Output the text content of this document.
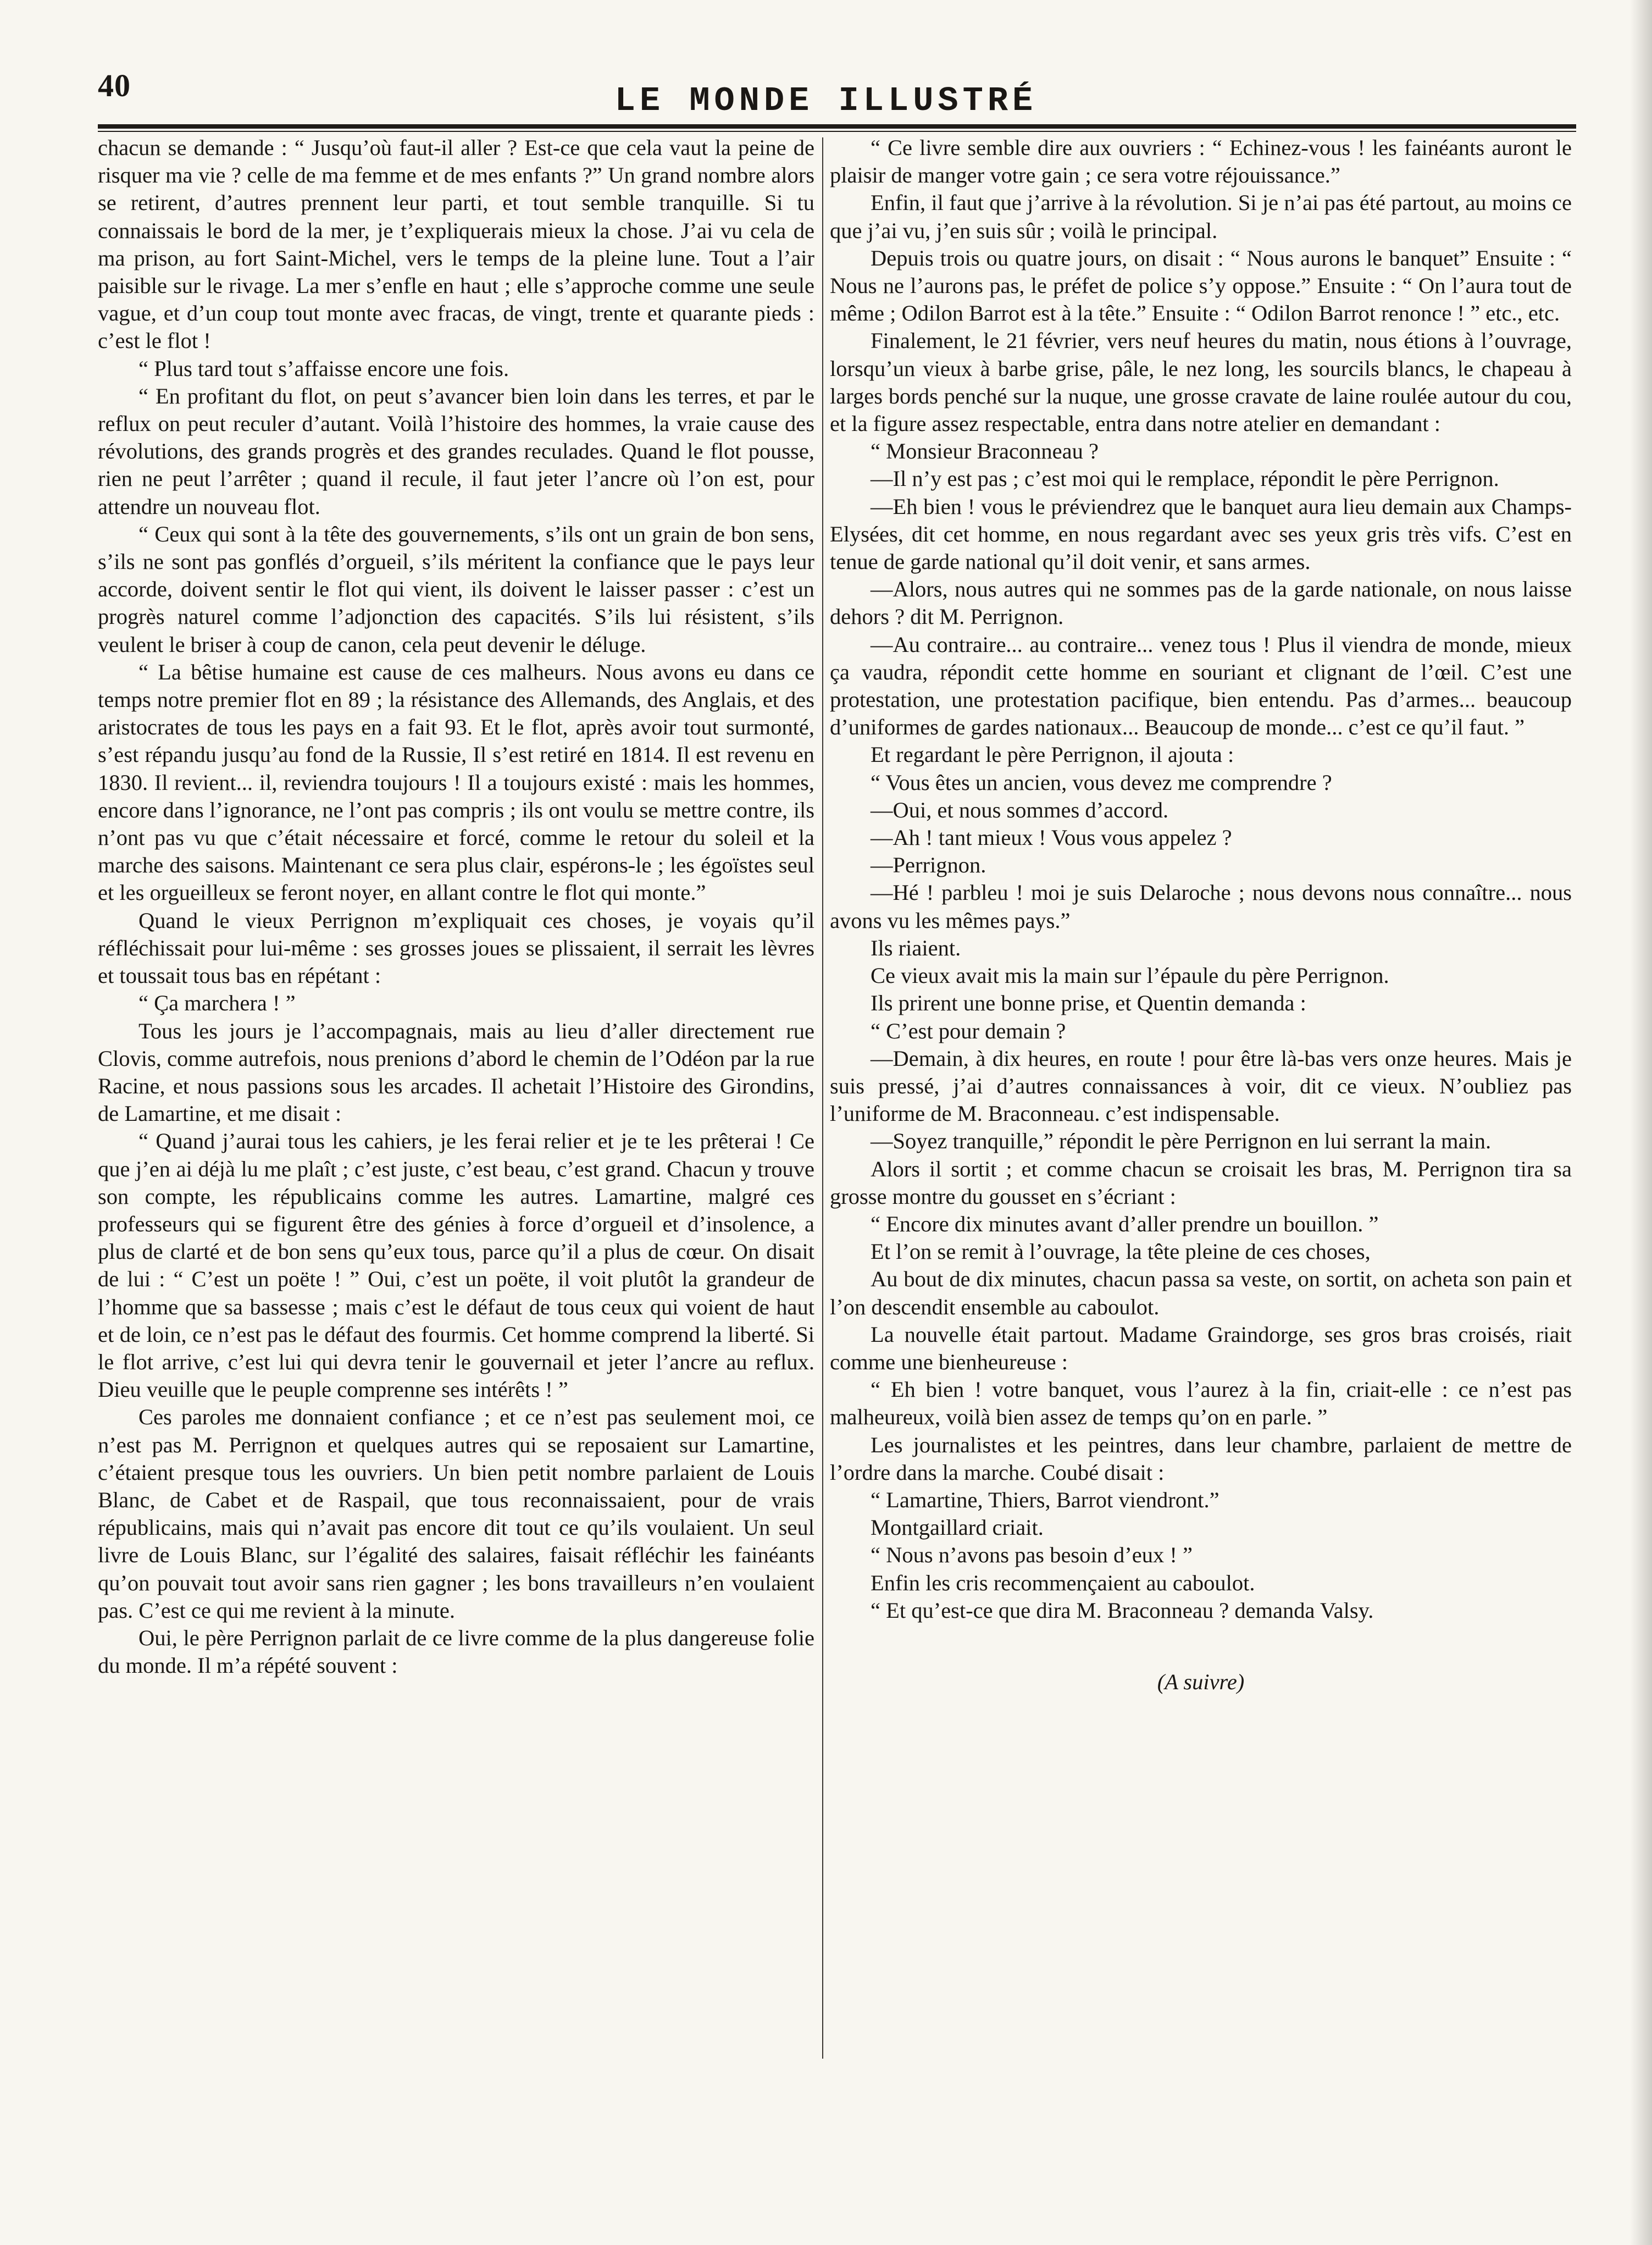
40	LE MONDE ILLUSTRÉ

chacun se demande : “ Jusqu’où faut-il aller ? Est-ce que cela vaut la peine de risquer ma vie ? celle de ma femme et de mes enfants ?” Un grand nombre alors se retirent, d’autres prennent leur parti, et tout semble tranquille. Si tu connaissais le bord de la mer, je t’expliquerais mieux la chose. J’ai vu cela de ma prison, au fort Saint-Michel, vers le temps de la pleine lune. Tout a l’air paisible sur le rivage. La mer s’enfle en haut ; elle s’approche comme une seule vague, et d’un coup tout monte avec fracas, de vingt, trente et quarante pieds : c’est le flot !

“ Plus tard tout s’affaisse encore une fois.

“ En profitant du flot, on peut s’avancer bien loin dans les terres, et par le reflux on peut reculer d’autant. Voilà l’histoire des hommes, la vraie cause des révolutions, des grands progrès et des grandes reculades. Quand le flot pousse, rien ne peut l’arrêter ; quand il recule, il faut jeter l’ancre où l’on est, pour attendre un nouveau flot.

“ Ceux qui sont à la tête des gouvernements, s’ils ont un grain de bon sens, s’ils ne sont pas gonflés d’orgueil, s’ils méritent la confiance que le pays leur accorde, doivent sentir le flot qui vient, ils doivent le laisser passer : c’est un progrès naturel comme l’adjonction des capacités. S’ils lui résistent, s’ils veulent le briser à coup de canon, cela peut devenir le déluge.

“ La bêtise humaine est cause de ces malheurs. Nous avons eu dans ce temps notre premier flot en 89 ; la résistance des Allemands, des Anglais, et des aristocrates de tous les pays en a fait 93. Et le flot, après avoir tout surmonté, s’est répandu jusqu’au fond de la Russie, Il s’est retiré en 1814. Il est revenu en 1830. Il revient... il, reviendra toujours ! Il a toujours existé : mais les hommes, encore dans l’ignorance, ne l’ont pas compris ; ils ont voulu se mettre contre, ils n’ont pas vu que c’était nécessaire et forcé, comme le retour du soleil et la marche des saisons. Maintenant ce sera plus clair, espérons-le ; les égoïstes seul et les orgueilleux se feront noyer, en allant contre le flot qui monte.”

Quand le vieux Perrignon m’expliquait ces choses, je voyais qu’il réfléchissait pour lui-même : ses grosses joues se plissaient, il serrait les lèvres et toussait tous bas en répétant :

“ Ça marchera ! ”

Tous les jours je l’accompagnais, mais au lieu d’aller directement rue Clovis, comme autrefois, nous prenions d’abord le chemin de l’Odéon par la rue Racine, et nous passions sous les arcades. Il achetait l’Histoire des Girondins, de Lamartine, et me disait :

“ Quand j’aurai tous les cahiers, je les ferai relier et je te les prêterai ! Ce que j’en ai déjà lu me plaît ; c’est juste, c’est beau, c’est grand. Chacun y trouve son compte, les républicains comme les autres. Lamartine, malgré ces professeurs qui se figurent être des génies à force d’orgueil et d’insolence, a plus de clarté et de bon sens qu’eux tous, parce qu’il a plus de cœur. On disait de lui : “ C’est un poëte ! ” Oui, c’est un poëte, il voit plutôt la grandeur de l’homme que sa bassesse ; mais c’est le défaut de tous ceux qui voient de haut et de loin, ce n’est pas le défaut des fourmis. Cet homme comprend la liberté. Si le flot arrive, c’est lui qui devra tenir le gouvernail et jeter l’ancre au reflux. Dieu veuille que le peuple comprenne ses intérêts ! ”

Ces paroles me donnaient confiance ; et ce n’est pas seulement moi, ce n’est pas M. Perrignon et quelques autres qui se reposaient sur Lamartine, c’étaient presque tous les ouvriers. Un bien petit nombre parlaient de Louis Blanc, de Cabet et de Raspail, que tous reconnaissaient, pour de vrais républicains, mais qui n’avait pas encore dit tout ce qu’ils voulaient. Un seul livre de Louis Blanc, sur l’égalité des salaires, faisait réfléchir les fainéants qu’on pouvait tout avoir sans rien gagner ; les bons travailleurs n’en voulaient pas. C’est ce qui me revient à la minute.

Oui, le père Perrignon parlait de ce livre comme de la plus dangereuse folie du monde. Il m’a répété souvent :

“ Ce livre semble dire aux ouvriers : “ Echinez-vous ! les fainéants auront le plaisir de manger votre gain ; ce sera votre réjouissance.”

Enfin, il faut que j’arrive à la révolution. Si je n’ai pas été partout, au moins ce que j’ai vu, j’en suis sûr ; voilà le principal.

Depuis trois ou quatre jours, on disait : “ Nous aurons le banquet” Ensuite : “ Nous ne l’aurons pas, le préfet de police s’y oppose.” Ensuite : “ On l’aura tout de même ; Odilon Barrot est à la tête.” Ensuite : “ Odilon Barrot renonce ! ” etc., etc.

Finalement, le 21 février, vers neuf heures du matin, nous étions à l’ouvrage, lorsqu’un vieux à barbe grise, pâle, le nez long, les sourcils blancs, le chapeau à larges bords penché sur la nuque, une grosse cravate de laine roulée autour du cou, et la figure assez respectable, entra dans notre atelier en demandant :

“ Monsieur Braconneau ?

—Il n’y est pas ; c’est moi qui le remplace, répondit le père Perrignon.

—Eh bien ! vous le préviendrez que le banquet aura lieu demain aux Champs-Elysées, dit cet homme, en nous regardant avec ses yeux gris très vifs. C’est en tenue de garde national qu’il doit venir, et sans armes.

—Alors, nous autres qui ne sommes pas de la garde nationale, on nous laisse dehors ? dit M. Perrignon.

—Au contraire... au contraire... venez tous ! Plus il viendra de monde, mieux ça vaudra, répondit cette homme en souriant et clignant de l’œil. C’est une protestation, une protestation pacifique, bien entendu. Pas d’armes... beaucoup d’uniformes de gardes nationaux... Beaucoup de monde... c’est ce qu’il faut. ”

Et regardant le père Perrignon, il ajouta :

“ Vous êtes un ancien, vous devez me comprendre ?

—Oui, et nous sommes d’accord.

—Ah ! tant mieux ! Vous vous appelez ?

—Perrignon.

—Hé ! parbleu ! moi je suis Delaroche ; nous devons nous connaître... nous avons vu les mêmes pays.”

Ils riaient.

Ce vieux avait mis la main sur l’épaule du père Perrignon.

Ils prirent une bonne prise, et Quentin demanda :

“ C’est pour demain ?

—Demain, à dix heures, en route ! pour être là-bas vers onze heures. Mais je suis pressé, j’ai d’autres connaissances à voir, dit ce vieux. N’oubliez pas l’uniforme de M. Braconneau. c’est indispensable.

—Soyez tranquille,” répondit le père Perrignon en lui serrant la main.

Alors il sortit ; et comme chacun se croisait les bras, M. Perrignon tira sa grosse montre du gousset en s’écriant :

“ Encore dix minutes avant d’aller prendre un bouillon. ”

Et l’on se remit à l’ouvrage, la tête pleine de ces choses,

Au bout de dix minutes, chacun passa sa veste, on sortit, on acheta son pain et l’on descendit ensemble au caboulot.

La nouvelle était partout. Madame Graindorge, ses gros bras croisés, riait comme une bienheureuse :

“ Eh bien ! votre banquet, vous l’aurez à la fin, criait-elle : ce n’est pas malheureux, voilà bien assez de temps qu’on en parle. ”

Les journalistes et les peintres, dans leur chambre, parlaient de mettre de l’ordre dans la marche. Coubé disait :

“ Lamartine, Thiers, Barrot viendront.”

Montgaillard criait.

“ Nous n’avons pas besoin d’eux ! ”

Enfin les cris recommençaient au caboulot.

“ Et qu’est-ce que dira M. Braconneau ? demanda Valsy.

(A suivre)
